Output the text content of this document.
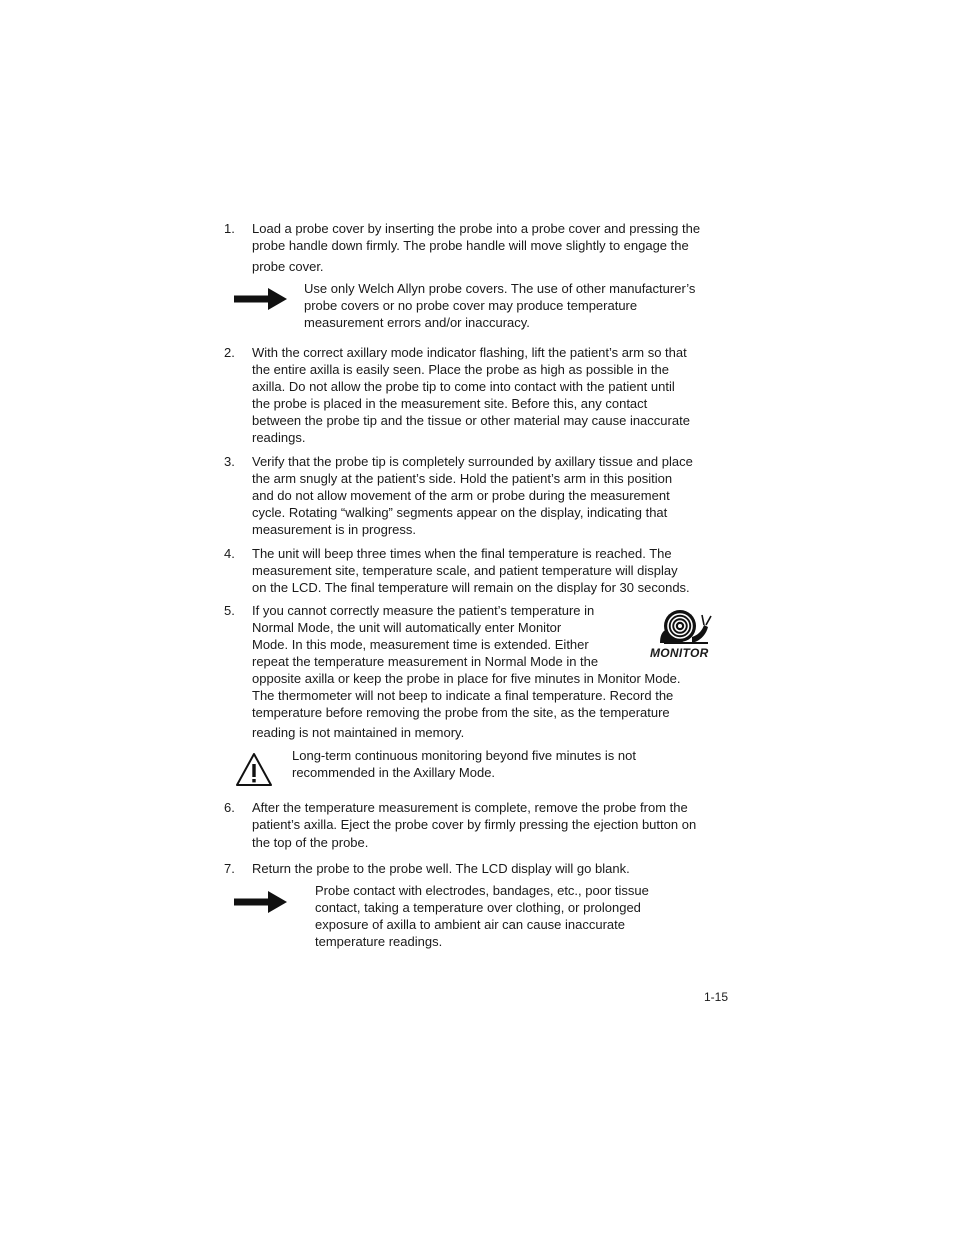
1. Load a probe cover by inserting the probe into a probe cover and pressing the
probe handle down firmly. The probe handle will move slightly to engage the
probe cover.
Use only Welch Allyn probe covers. The use of other manufacturer’s
probe covers or no probe cover may produce temperature
measurement errors and/or inaccuracy.
2. With the correct axillary mode indicator flashing, lift the patient’s arm so that
the entire axilla is easily seen. Place the probe as high as possible in the
axilla. Do not allow the probe tip to come into contact with the patient until
the probe is placed in the measurement site. Before this, any contact
between the probe tip and the tissue or other material may cause inaccurate
readings.
3. Verify that the probe tip is completely surrounded by axillary tissue and place
the arm snugly at the patient’s side. Hold the patient’s arm in this position
and do not allow movement of the arm or probe during the measurement
cycle. Rotating “walking” segments appear on the display, indicating that
measurement is in progress.
4. The unit will beep three times when the final temperature is reached. The
measurement site, temperature scale, and patient temperature will display
on the LCD. The final temperature will remain on the display for 30 seconds.
5. If you cannot correctly measure the patient’s temperature in
Normal Mode, the unit will automatically enter Monitor
Mode. In this mode, measurement time is extended. Either
repeat the temperature measurement in Normal Mode in the
opposite axilla or keep the probe in place for five minutes in Monitor Mode.
The thermometer will not beep to indicate a final temperature. Record the
temperature before removing the probe from the site, as the temperature
reading is not maintained in memory.
MONITOR
Long-term continuous monitoring beyond five minutes is not
recommended in the Axillary Mode.
6. After the temperature measurement is complete, remove the probe from the
patient’s axilla. Eject the probe cover by firmly pressing the ejection button on
the top of the probe.
7. Return the probe to the probe well. The LCD display will go blank.
Probe contact with electrodes, bandages, etc., poor tissue
contact, taking a temperature over clothing, or prolonged
exposure of axilla to ambient air can cause inaccurate
temperature readings.
1-15
